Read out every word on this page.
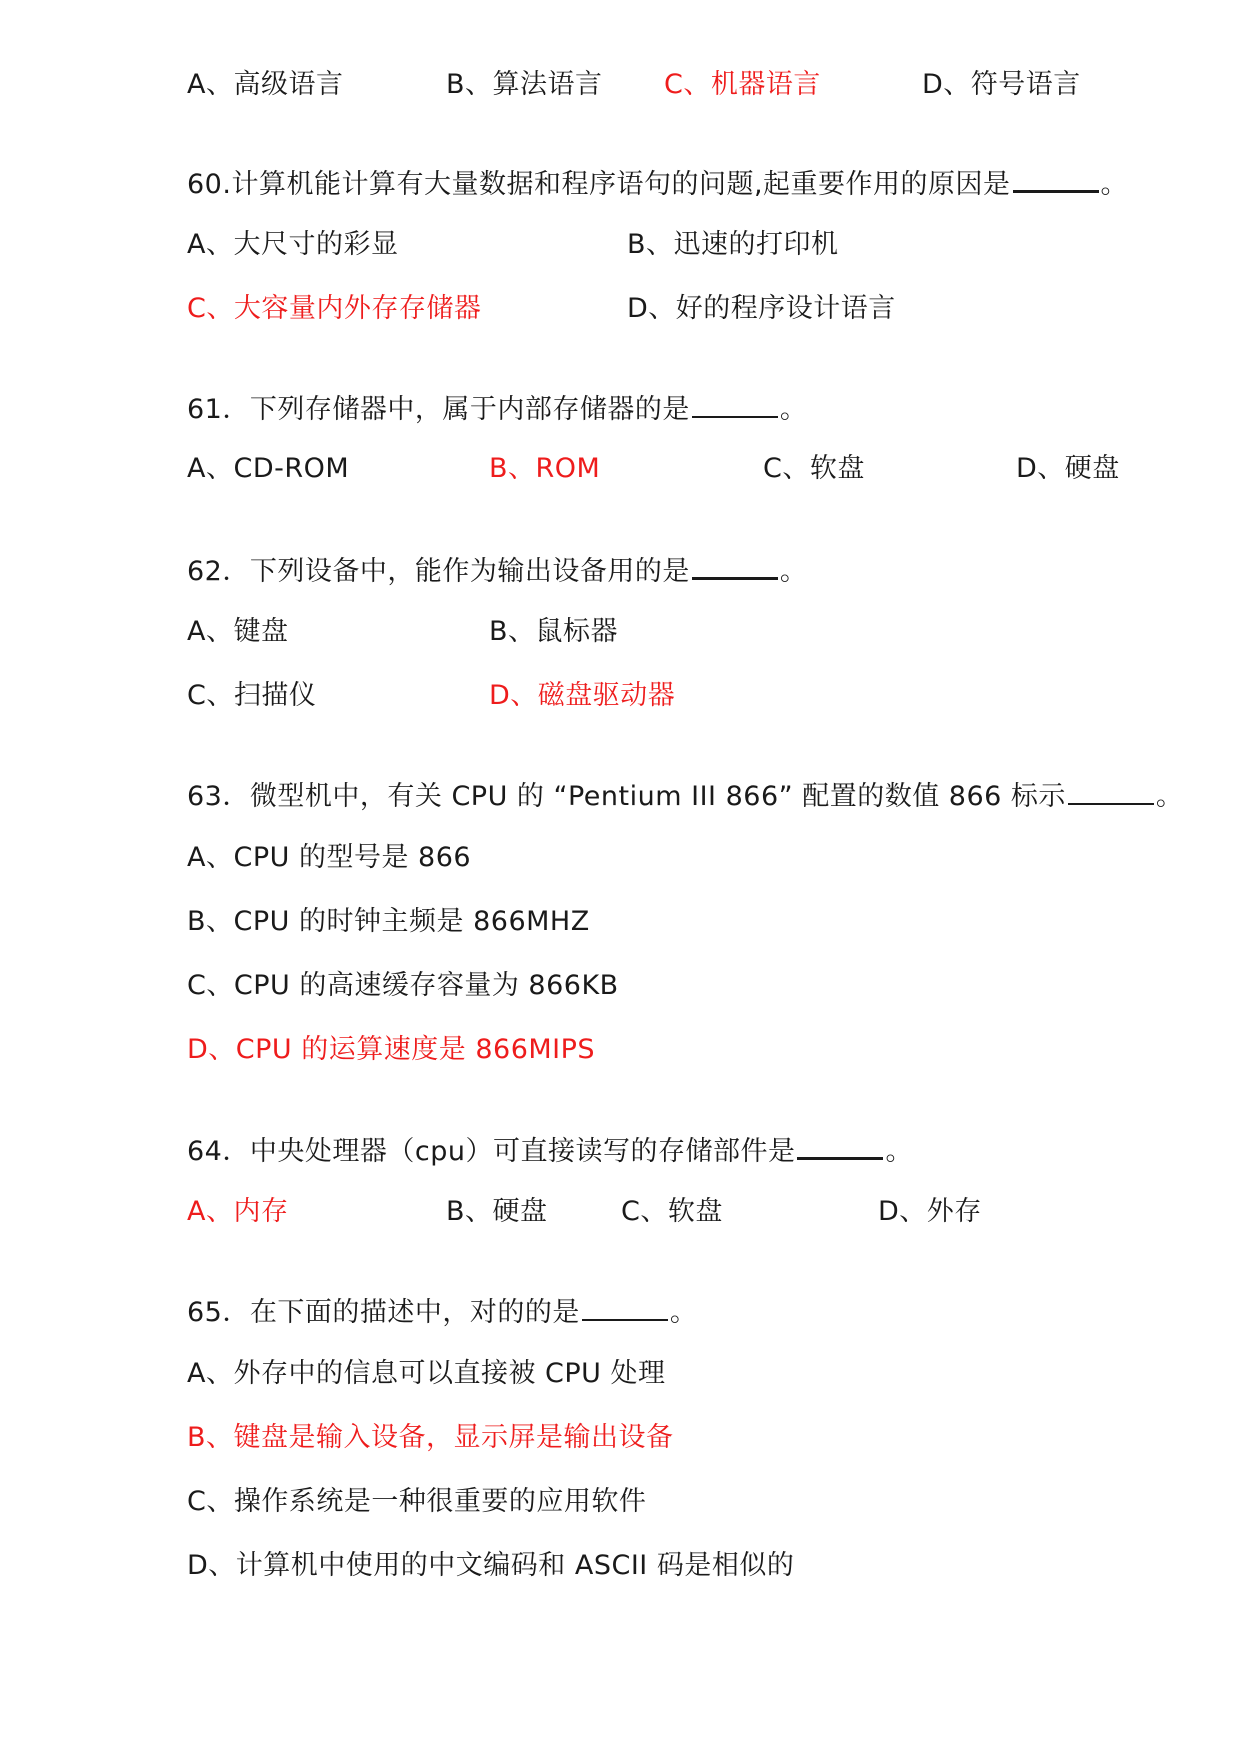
A、高级语言	B、算法语言 C、机器语言	D、符号语言
60.计算机能计算有大量数据和程序语句的问题,起重要作用的原因是	。
A、大尺寸的彩显	B、迅速的打印机
C、大容量内外存存储器	D、好的程序设计语言
61．下列存储器中，属于内部存储器的是	。
A、CD-ROM	B、ROM	C、软盘	D、硬盘
62．下列设备中，能作为输出设备用的是	。
A、键盘	B、鼠标器
C、扫描仪	D、磁盘驱动器
63．微型机中，有关 CPU 的 “Pentium III 866” 配置的数值 866 标示	。
A、CPU 的型号是 866
B、CPU 的时钟主频是 866MHZ
C、CPU 的高速缓存容量为 866KB
D、CPU 的运算速度是 866MIPS
64．中央处理器（cpu）可直接读写的存储部件是	。
A、内存	B、硬盘	C、软盘	D、外存
65．在下面的描述中，对的的是	。
A、外存中的信息可以直接被 CPU 处理
B、键盘是输入设备，显示屏是输出设备
C、操作系统是一种很重要的应用软件
D、计算机中使用的中文编码和 ASCII 码是相似的
